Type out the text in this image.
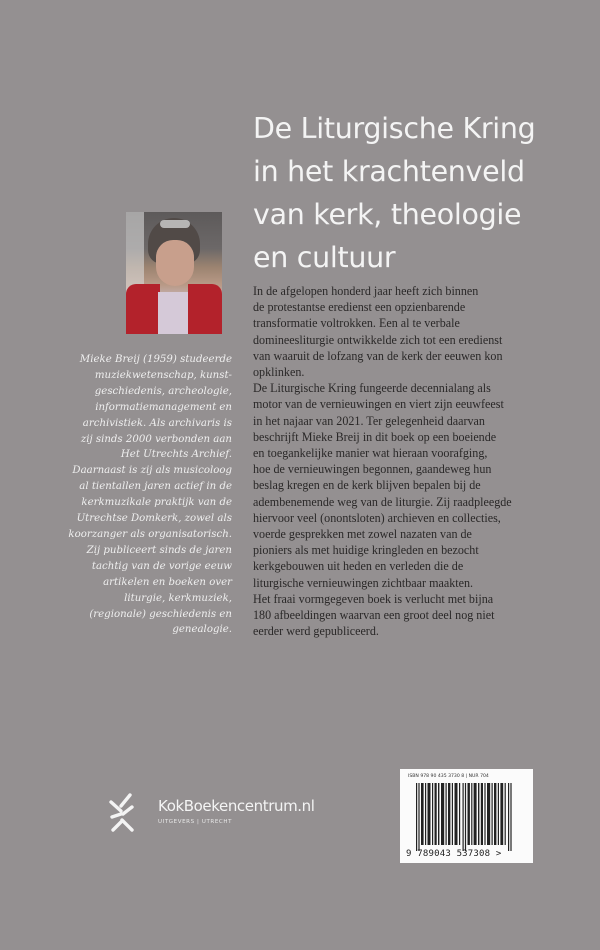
De Liturgische Kring
in het krachtenveld
van kerk, theologie
en cultuur
Mieke Breij (1959) studeerde
muziekwetenschap, kunst-
geschiedenis, archeologie,
informatiemanagement en
archivistiek. Als archivaris is
zij sinds 2000 verbonden aan
Het Utrechts Archief.
Daarnaast is zij als musicoloog
al tientallen jaren actief in de
kerkmuzikale praktijk van de
Utrechtse Domkerk, zowel als
koorzanger als organisatorisch.
Zij publiceert sinds de jaren
tachtig van de vorige eeuw
artikelen en boeken over
liturgie, kerkmuziek,
(regionale) geschiedenis en
genealogie.
In de afgelopen honderd jaar heeft zich binnen
de protestantse eredienst een opzienbarende
transformatie voltrokken. Een al te verbale
domineesliturgie ontwikkelde zich tot een eredienst
van waaruit de lofzang van de kerk der eeuwen kon
opklinken.
De Liturgische Kring fungeerde decennialang als
motor van de vernieuwingen en viert zijn eeuwfeest
in het najaar van 2021. Ter gelegenheid daarvan
beschrijft Mieke Breij in dit boek op een boeiende
en toegankelijke manier wat hieraan voorafging,
hoe de vernieuwingen begonnen, gaandeweg hun
beslag kregen en de kerk blijven bepalen bij de
adembenemende weg van de liturgie. Zij raadpleegde
hiervoor veel (onontsloten) archieven en collecties,
voerde gesprekken met zowel nazaten van de
pioniers als met huidige kringleden en bezocht
kerkgebouwen uit heden en verleden die de
liturgische vernieuwingen zichtbaar maakten.
Het fraai vormgegeven boek is verlucht met bijna
180 afbeeldingen waarvan een groot deel nog niet
eerder werd gepubliceerd.
KokBoekencentrum.nl
UITGEVERS | UTRECHT
ISBN 978 90 435 3730 8 | NUR 704
9 789043 537308 >
